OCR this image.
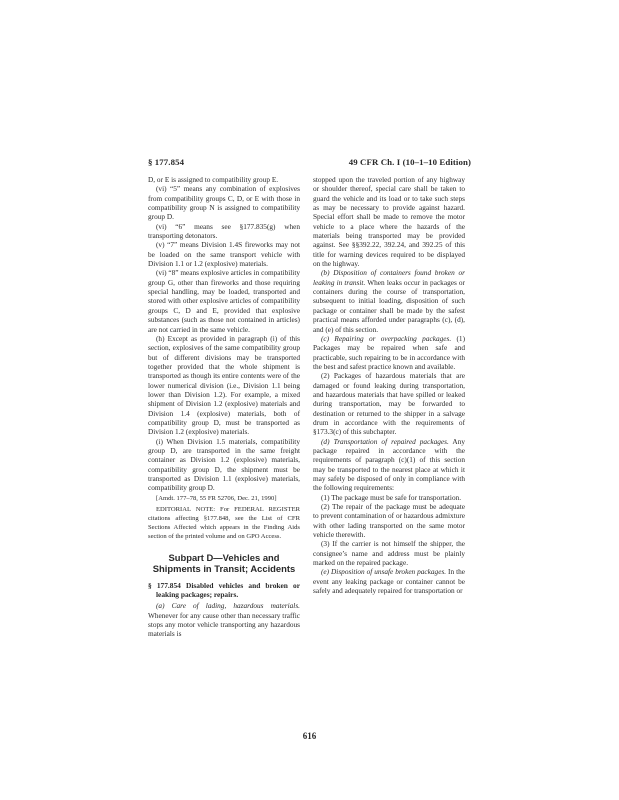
§ 177.854	49 CFR Ch. I (10–1–10 Edition)

D, or E is assigned to compatibility group E.

(vi) “5” means any combination of explosives from compatibility groups C, D, or E with those in compatibility group N is assigned to compatibility group D.

(vi) “6” means see §177.835(g) when transporting detonators.

(v) “7” means Division 1.4S fireworks may not be loaded on the same transport vehicle with Division 1.1 or 1.2 (explosive) materials.

(vi) “8” means explosive articles in compatibility group G, other than fireworks and those requiring special handling, may be loaded, transported and stored with other explosive articles of compatibility groups C, D and E, provided that explosive substances (such as those not contained in articles) are not carried in the same vehicle.

(h) Except as provided in paragraph (i) of this section, explosives of the same compatibility group but of different divisions may be transported together provided that the whole shipment is transported as though its entire contents were of the lower numerical division (i.e., Division 1.1 being lower than Division 1.2). For example, a mixed shipment of Division 1.2 (explosive) materials and Division 1.4 (explosive) materials, both of compatibility group D, must be transported as Division 1.2 (explosive) materials.

(i) When Division 1.5 materials, compatibility group D, are transported in the same freight container as Division 1.2 (explosive) materials, compatibility group D, the shipment must be transported as Division 1.1 (explosive) materials, compatibility group D.

[Amdt. 177–78, 55 FR 52706, Dec. 21, 1990]

EDITORIAL NOTE: For FEDERAL REGISTER citations affecting §177.848, see the List of CFR Sections Affected which appears in the Finding Aids section of the printed volume and on GPO Access.

Subpart D—Vehicles and
Shipments in Transit; Accidents

§ 177.854 Disabled vehicles and broken or leaking packages; repairs.

(a) Care of lading, hazardous materials. Whenever for any cause other than necessary traffic stops any motor vehicle transporting any hazardous materials is

stopped upon the traveled portion of any highway or shoulder thereof, special care shall be taken to guard the vehicle and its load or to take such steps as may be necessary to provide against hazard. Special effort shall be made to remove the motor vehicle to a place where the hazards of the materials being transported may be provided against. See §§392.22, 392.24, and 392.25 of this title for warning devices required to be displayed on the highway.

(b) Disposition of containers found broken or leaking in transit. When leaks occur in packages or containers during the course of transportation, subsequent to initial loading, disposition of such package or container shall be made by the safest practical means afforded under paragraphs (c), (d), and (e) of this section.

(c) Repairing or overpacking packages. (1) Packages may be repaired when safe and practicable, such repairing to be in accordance with the best and safest practice known and available.

(2) Packages of hazardous materials that are damaged or found leaking during transportation, and hazardous materials that have spilled or leaked during transportation, may be forwarded to destination or returned to the shipper in a salvage drum in accordance with the requirements of §173.3(c) of this subchapter.

(d) Transportation of repaired packages. Any package repaired in accordance with the requirements of paragraph (c)(1) of this section may be transported to the nearest place at which it may safely be disposed of only in compliance with the following requirements:

(1) The package must be safe for transportation.

(2) The repair of the package must be adequate to prevent contamination of or hazardous admixture with other lading transported on the same motor vehicle therewith.

(3) If the carrier is not himself the shipper, the consignee’s name and address must be plainly marked on the repaired package.

(e) Disposition of unsafe broken packages. In the event any leaking package or container cannot be safely and adequately repaired for transportation or

616
